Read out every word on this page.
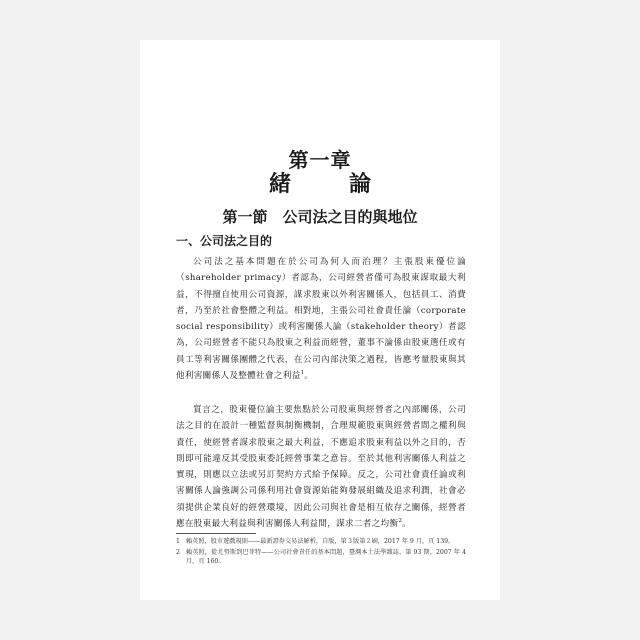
第一章
緒　論
第一節　公司法之目的與地位
一、公司法之目的

公司法之基本問題在於公司為何人而治理？主張股東優位論（shareholder primacy）者認為，公司經營者僅可為股東謀取最大利益，不得擅自使用公司資源，謀求股東以外利害關係人，包括員工、消費者，乃至於社會整體之利益。相對地，主張公司社會責任論（corporate social responsibility）或利害關係人論（stakeholder theory）者認為，公司經營者不能只為股東之利益而經營，董事不論係由股東選任或有員工等利害關係團體之代表，在公司內部決策之過程，皆應考量股東與其他利害關係人及整體社會之利益$^1$。

質言之，股東優位論主要焦點於公司股東與經營者之內部關係，公司法之目的在設計一種監督與制衡機制，合理規範股東與經營者間之權利與責任，使經營者謀求股東之最大利益，不應追求股東利益以外之目的，否則即可能違反其受股東委託經營事業之意旨。至於其他利害關係人利益之實現，則應以立法或另訂契約方式給予保障。反之，公司社會責任論或利害關係人論強調公司係利用社會資源始能夠發展組織及追求利潤，社會必須提供企業良好的經營環境，因此公司與社會是相互依存之關係，經營者應在股東最大利益與利害關係人利益間，謀求二者之均衡$^2$。

1 賴英照，股市遊戲規則——最新證券交易法解析，自版，第３版第２刷，2017 年 9 月，頁 139。
2 賴英照，從尤努斯到巴菲特——公司社會責任的基本問題，臺灣本土法學雜誌，第 93 期，2007 年 4 月，頁 160。
